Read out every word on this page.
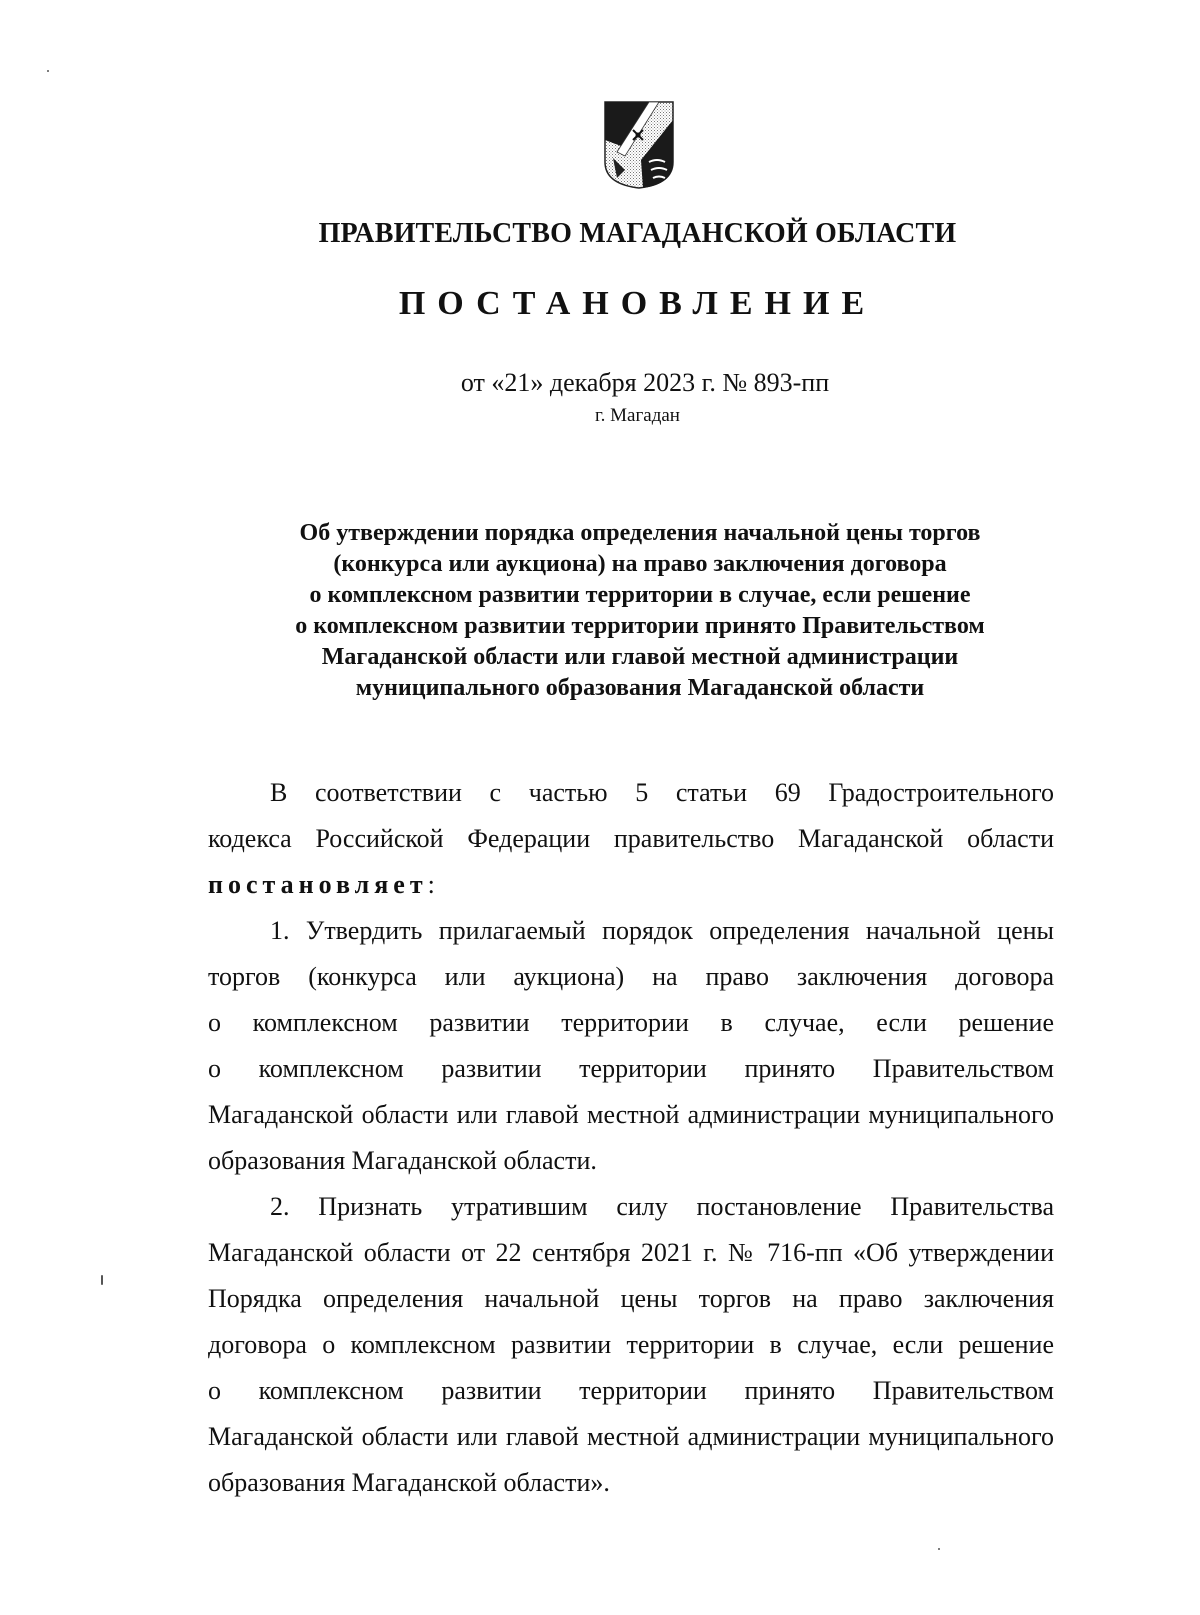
ПРАВИТЕЛЬСТВО МАГАДАНСКОЙ ОБЛАСТИ
ПОСТАНОВЛЕНИЕ
от «21» декабря 2023 г. № 893-пп
г. Магадан
Об утверждении порядка определения начальной цены торгов
(конкурса или аукциона) на право заключения договора
о комплексном развитии территории в случае, если решение
о комплексном развитии территории принято Правительством
Магаданской области или главой местной администрации
муниципального образования Магаданской области
В соответствии с частью 5 статьи 69 Градостроительного
кодекса Российской Федерации правительство Магаданской области
постановляет:
1. Утвердить прилагаемый порядок определения начальной цены
торгов (конкурса или аукциона) на право заключения договора
о комплексном развитии территории в случае, если решение
о комплексном развитии территории принято Правительством
Магаданской области или главой местной администрации муниципального
образования Магаданской области.
2. Признать утратившим силу постановление Правительства
Магаданской области от 22 сентября 2021 г. № 716-пп «Об утверждении
Порядка определения начальной цены торгов на право заключения
договора о комплексном развитии территории в случае, если решение
о комплексном развитии территории принято Правительством
Магаданской области или главой местной администрации муниципального
образования Магаданской области».
